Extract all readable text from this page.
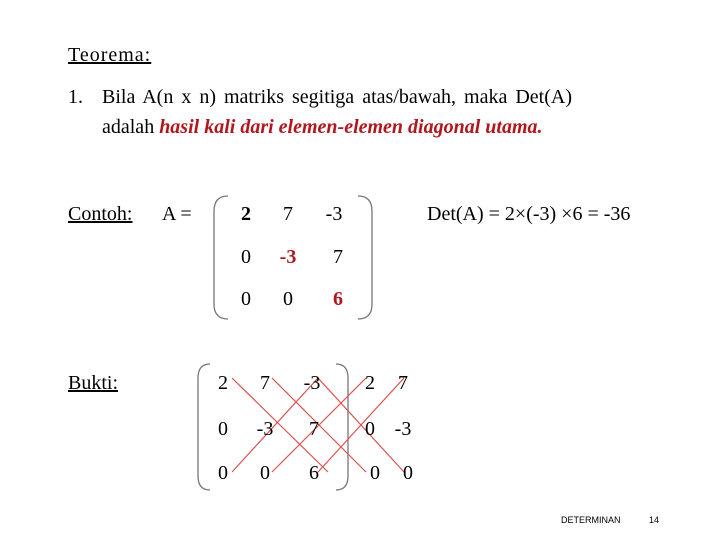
Teorema:
1. Bila A(n x n) matriks segitiga atas/bawah, maka Det(A)
adalah hasil kali dari elemen-elemen diagonal utama.
Contoh: A = 2 7 -3
0 -3 7
0 0 6
Det(A) = 2×(-3) ×6 = -36
Bukti:	2 7 -3
0 -3 7
0 0 6
2 7
0 -3
0 0
DETERMINAN	14
